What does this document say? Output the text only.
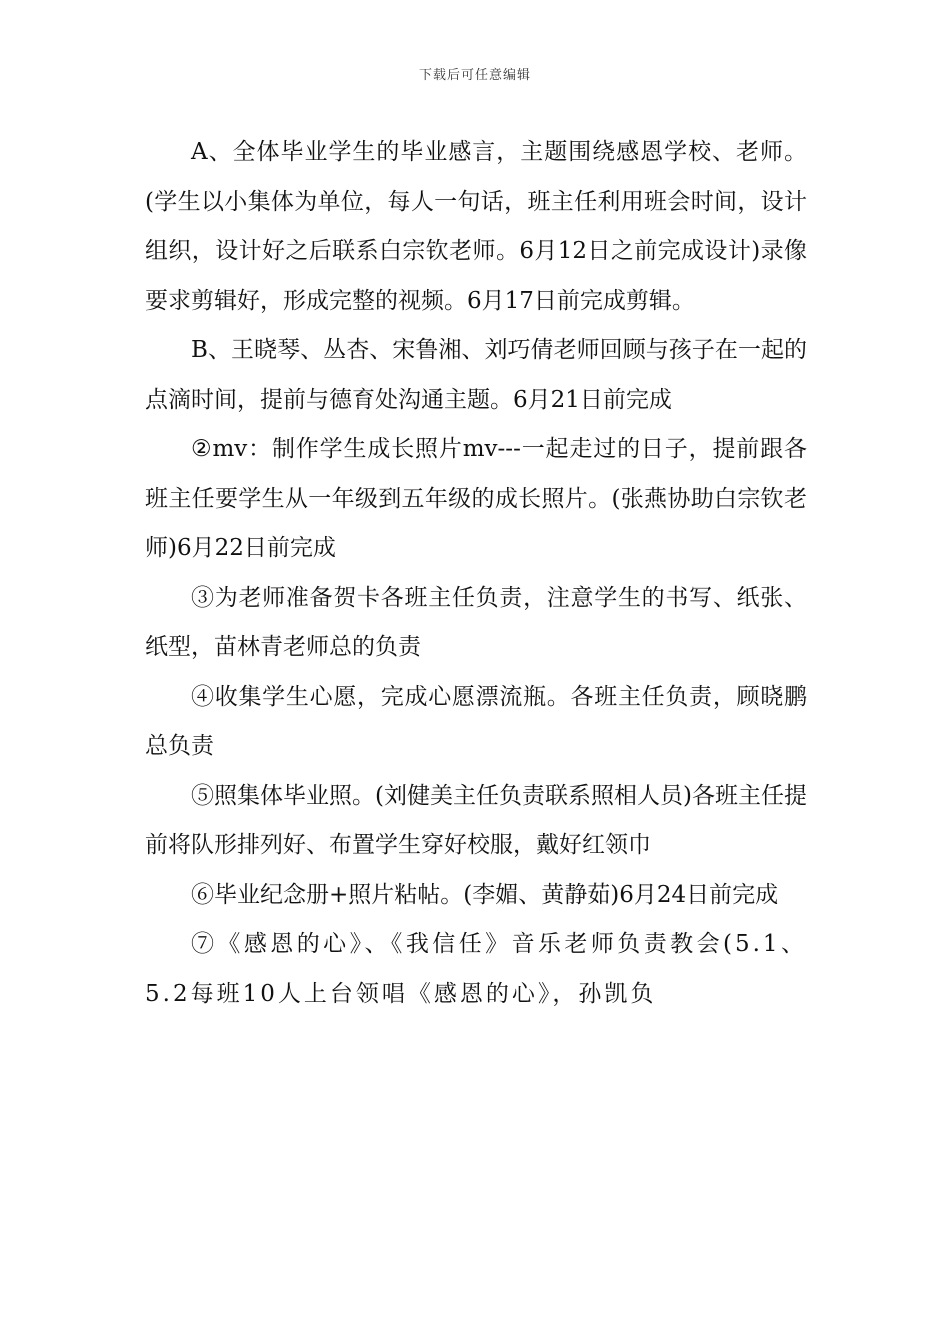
下载后可任意编辑

A、全体毕业学生的毕业感言，主题围绕感恩学校、老师。(学生以小集体为单位，每人一句话，班主任利用班会时间，设计组织，设计好之后联系白宗钦老师。6月12日之前完成设计)录像要求剪辑好，形成完整的视频。6月17日前完成剪辑。

B、王晓琴、丛杏、宋鲁湘、刘巧倩老师回顾与孩子在一起的点滴时间，提前与德育处沟通主题。6月21日前完成

②mv：制作学生成长照片mv---一起走过的日子，提前跟各班主任要学生从一年级到五年级的成长照片。(张燕协助白宗钦老师)6月22日前完成

③为老师准备贺卡各班主任负责，注意学生的书写、纸张、纸型，苗林青老师总的负责

④收集学生心愿，完成心愿漂流瓶。各班主任负责，顾晓鹏总负责

⑤照集体毕业照。(刘健美主任负责联系照相人员)各班主任提前将队形排列好、布置学生穿好校服，戴好红领巾

⑥毕业纪念册+照片粘帖。(李媚、黄静茹)6月24日前完成

⑦《感恩的心》、《我信任》音乐老师负责教会(5.1、5.2每班10人上台领唱《感恩的心》，孙凯负
